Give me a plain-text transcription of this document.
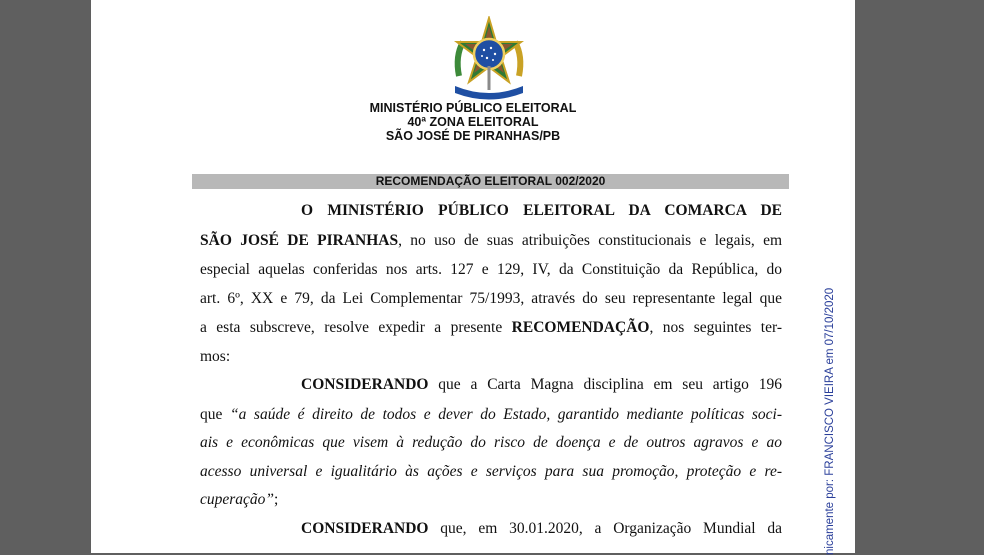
MINISTÉRIO PÚBLICO ELEITORAL
40ª ZONA ELEITORAL
SÃO JOSÉ DE PIRANHAS/PB
RECOMENDAÇÃO ELEITORAL 002/2020
O MINISTÉRIO PÚBLICO ELEITORAL DA COMARCA DE
SÃO JOSÉ DE PIRANHAS, no uso de suas atribuições constitucionais e legais, em
especial aquelas conferidas nos arts. 127 e 129, IV, da Constituição da República, do
art. 6º, XX e 79, da Lei Complementar 75/1993, através do seu representante legal que
a esta subscreve, resolve expedir a presente RECOMENDAÇÃO, nos seguintes ter-
mos:
CONSIDERANDO que a Carta Magna disciplina em seu artigo 196
que “a saúde é direito de todos e dever do Estado, garantido mediante políticas soci-
ais e econômicas que visem à redução do risco de doença e de outros agravos e ao
acesso universal e igualitário às ações e serviços para sua promoção, proteção e re-
cuperação”;
CONSIDERANDO que, em 30.01.2020, a Organização Mundial da	nicamente por: FRANCISCO VIEIRA em 07/10/2020
